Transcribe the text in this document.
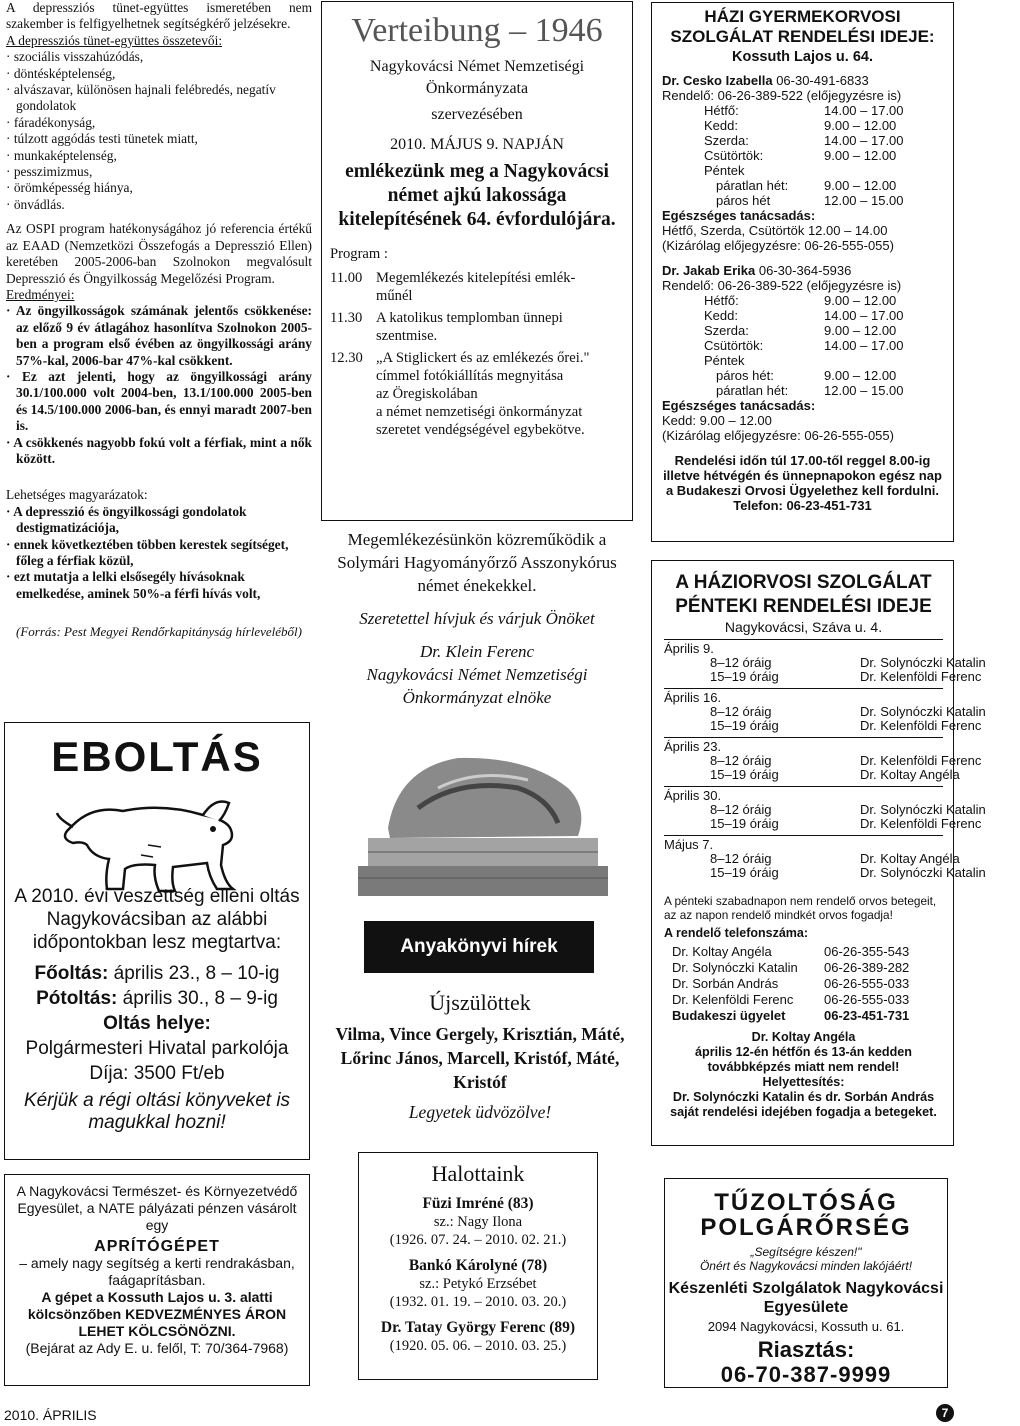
A depressziós tünet-együttes ismeretében nem szakember is felfigyelhetnek segítségkérő jelzésekre.

A depressziós tünet-együttes összetevői:

· szociális visszahúzódás,

· döntésképtelenség,

· alvászavar, különösen hajnali felébredés, negatív gondolatok

· fáradékonyság,

· túlzott aggódás testi tünetek miatt,

· munkaképtelenség,

· pesszimizmus,

· örömképesség hiánya,

· önvádlás.

Az OSPI program hatékonyságához jó referencia értékű az EAAD (Nemzetközi Összefogás a Depresszió Ellen) keretében 2005-2006-ban Szolnokon megvalósult Depresszió és Öngyilkosság Megelőzési Program.

Eredményei:

· Az öngyilkosságok számának jelentős csökkenése: az előző 9 év átlagához hasonlítva Szolnokon 2005-ben a program első évében az öngyilkossági arány 57%-kal, 2006-bar 47%-kal csökkent.

· Ez azt jelenti, hogy az öngyilkossági arány 30.1/100.000 volt 2004-ben, 13.1/100.000 2005-ben és 14.5/100.000 2006-ban, és ennyi maradt 2007-ben is.

· A csökkenés nagyobb fokú volt a férfiak, mint a nők között.

Lehetséges magyarázatok:

· A depresszió és öngyilkossági gondolatok destigmatizációja,

· ennek következtében többen kerestek segítséget, főleg a férfiak közül,

· ezt mutatja a lelki elsősegély hívásoknak emelkedése, aminek 50%-a férfi hívás volt,

(Forrás: Pest Megyei Rendőrkapitányság hírleveléből)

EBOLTÁS
A 2010. évi veszettség elleni oltás Nagykovácsiban az alábbi időpontokban lesz megtartva:
Főoltás: április 23., 8 – 10-ig
Pótoltás: április 30., 8 – 9-ig
Oltás helye:
Polgármesteri Hivatal parkolója
Díja: 3500 Ft/eb
Kérjük a régi oltási könyveket is magukkal hozni!
A Nagykovácsi Természet- és Környezetvédő Egyesület, a NATE pályázati pénzen vásárolt egy
APRÍTÓGÉPET
– amely nagy segítség a kerti rendrakásban, faágaprításban.
A gépet a Kossuth Lajos u. 3. alatti kölcsönzőben KEDVEZMÉNYES ÁRON LEHET KÖLCSÖNÖZNI.
(Bejárat az Ady E. u. felől, T: 70/364-7968)
Verteibung – 1946
Nagykovácsi Német Nemzetiségi Önkormányzata
szervezésében
2010. MÁJUS 9. NAPJÁN
emlékezünk meg a Nagykovácsi német ajkú lakossága kitelepítésének 64. évfordulójára.
Program :
11.00 Megemlékezés kitelepítési emlék-
műnél
11.30 A katolikus templomban ünnepi
szentmise.
12.30 „A Stiglickert és az emlékezés őrei."
címmel fotókiállítás megnyitása
az Öregiskolában
a német nemzetiségi önkormányzat
szeretet vendégségével egybekötve.
Megemlékezésünkön közreműködik a Solymári Hagyományőrző Asszonykórus német énekekkel.
Szeretettel hívjuk és várjuk Önöket
Dr. Klein Ferenc
Nagykovácsi Német Nemzetiségi Önkormányzat elnöke
Anyakönyvi hírek
Újszülöttek
Vilma, Vince Gergely, Krisztián, Máté, Lőrinc János, Marcell, Kristóf, Máté, Kristóf
Legyetek üdvözölve!
Halottaink
Füzi Imréné (83)
sz.: Nagy Ilona
(1926. 07. 24. – 2010. 02. 21.)
Bankó Károlyné (78)
sz.: Petykó Erzsébet
(1932. 01. 19. – 2010. 03. 20.)
Dr. Tatay György Ferenc (89)
(1920. 05. 06. – 2010. 03. 25.)
HÁZI GYERMEKORVOSI SZOLGÁLAT RENDELÉSI IDEJE:
Kossuth Lajos u. 64.
Dr. Cesko Izabella 06-30-491-6833
Rendelő: 06-26-389-522 (előjegyzésre is)
Hétfő:	14.00 – 17.00
Kedd:	9.00 – 12.00
Szerda:	14.00 – 17.00
Csütörtök:	9.00 – 12.00
Péntek
páratlan hét:	9.00 – 12.00
páros hét	12.00 – 15.00
Egészséges tanácsadás:
Hétfő, Szerda, Csütörtök 12.00 – 14.00
(Kizárólag előjegyzésre: 06-26-555-055)
Dr. Jakab Erika 06-30-364-5936
Rendelő: 06-26-389-522 (előjegyzésre is)
Hétfő:	9.00 – 12.00
Kedd:	14.00 – 17.00
Szerda:	9.00 – 12.00
Csütörtök:	14.00 – 17.00
Péntek
páros hét:	9.00 – 12.00
páratlan hét:	12.00 – 15.00
Egészséges tanácsadás:
Kedd: 9.00 – 12.00
(Kizárólag előjegyzésre: 06-26-555-055)
Rendelési időn túl 17.00-től reggel 8.00-ig illetve hétvégén és ünnepnapokon egész nap a Budakeszi Orvosi Ügyelethez kell fordulni. Telefon: 06-23-451-731
A HÁZIORVOSI SZOLGÁLAT PÉNTEKI RENDELÉSI IDEJE
Nagykovácsi, Száva u. 4.
Április 9.
8–12 óráig	Dr. Solynóczki Katalin
15–19 óráig	Dr. Kelenföldi Ferenc
Április 16.
8–12 óráig	Dr. Solynóczki Katalin
15–19 óráig	Dr. Kelenföldi Ferenc
Április 23.
8–12 óráig	Dr. Kelenföldi Ferenc
15–19 óráig	Dr. Koltay Angéla
Április 30.
8–12 óráig	Dr. Solynóczki Katalin
15–19 óráig	Dr. Kelenföldi Ferenc
Május 7.
8–12 óráig	Dr. Koltay Angéla
15–19 óráig	Dr. Solynóczki Katalin
A pénteki szabadnapon nem rendelő orvos betegeit, az az napon rendelő mindkét orvos fogadja!
A rendelő telefonszáma:
Dr. Koltay Angéla	06-26-355-543
Dr. Solynóczki Katalin	06-26-389-282
Dr. Sorbán András	06-26-555-033
Dr. Kelenföldi Ferenc	06-26-555-033
Budakeszi ügyelet	06-23-451-731
Dr. Koltay Angéla
április 12-én hétfőn és 13-án kedden továbbképzés miatt nem rendel!
Helyettesítés:
Dr. Solynóczki Katalin és dr. Sorbán András saját rendelési idejében fogadja a betegeket.
TŰZOLTÓSÁG
POLGÁRŐRSÉG
„Segítségre készen!"
Önért és Nagykovácsi minden lakójáért!
Készenléti Szolgálatok Nagykovácsi Egyesülete
2094 Nagykovácsi, Kossuth u. 61.
Riasztás:
06-70-387-9999
2010. ÁPRILIS	7
